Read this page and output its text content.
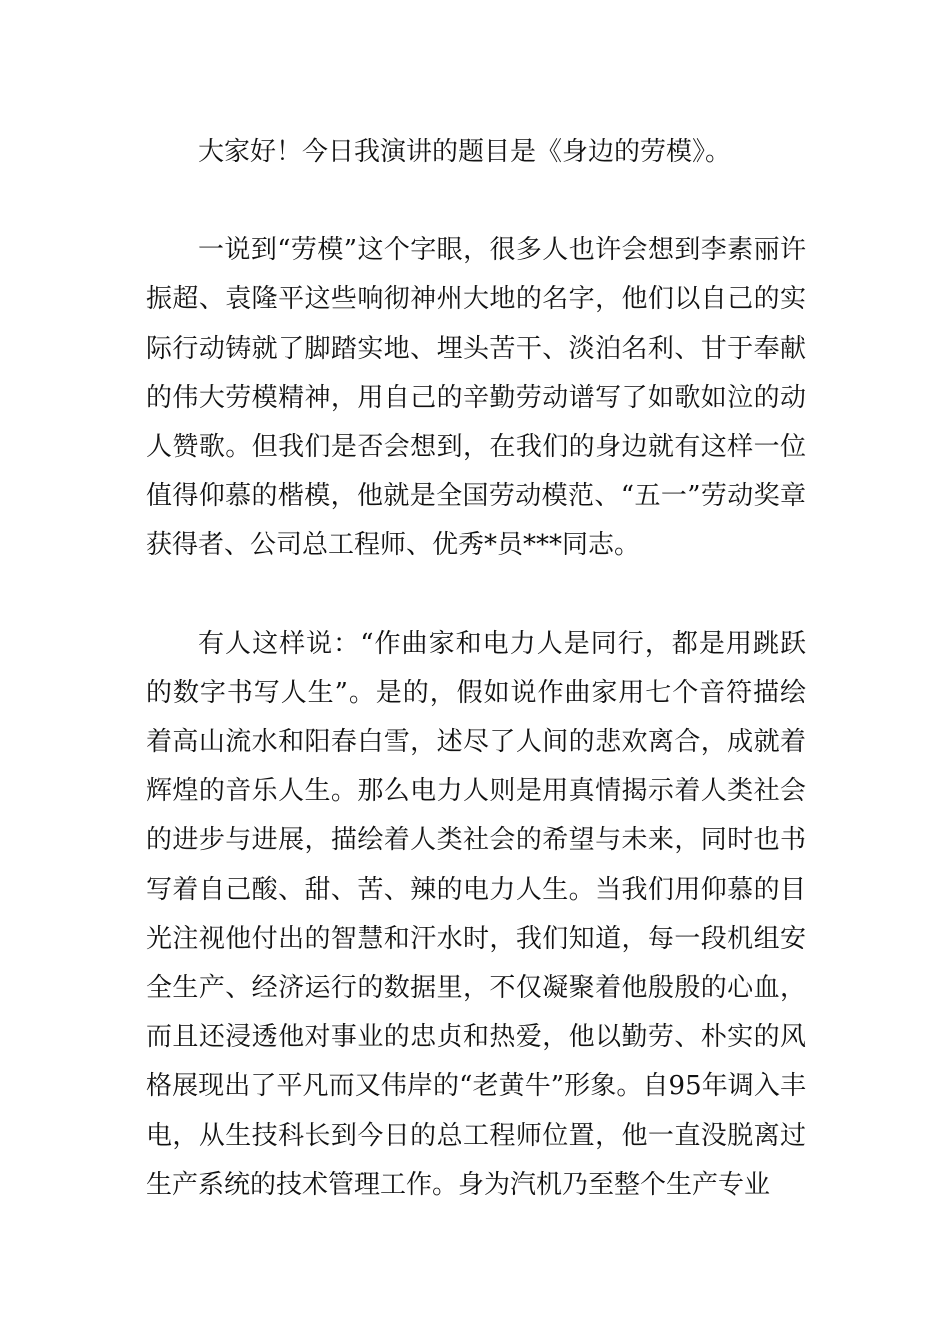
大家好！今日我演讲的题目是《身边的劳模》。

一说到“劳模”这个字眼，很多人也许会想到李素丽许振超、袁隆平这些响彻神州大地的名字，他们以自己的实际行动铸就了脚踏实地、埋头苦干、淡泊名利、甘于奉献的伟大劳模精神，用自己的辛勤劳动谱写了如歌如泣的动人赞歌。但我们是否会想到，在我们的身边就有这样一位值得仰慕的楷模，他就是全国劳动模范、“五一”劳动奖章获得者、公司总工程师、优秀*员***同志。

有人这样说：“作曲家和电力人是同行，都是用跳跃的数字书写人生”。是的，假如说作曲家用七个音符描绘着高山流水和阳春白雪，述尽了人间的悲欢离合，成就着辉煌的音乐人生。那么电力人则是用真情揭示着人类社会的进步与进展，描绘着人类社会的希望与未来，同时也书写着自己酸、甜、苦、辣的电力人生。当我们用仰慕的目光注视他付出的智慧和汗水时，我们知道，每一段机组安全生产、经济运行的数据里，不仅凝聚着他殷殷的心血，而且还浸透他对事业的忠贞和热爱，他以勤劳、朴实的风格展现出了平凡而又伟岸的“老黄牛”形象。自95年调入丰电，从生技科长到今日的总工程师位置，他一直没脱离过生产系统的技术管理工作。身为汽机乃至整个生产专业
